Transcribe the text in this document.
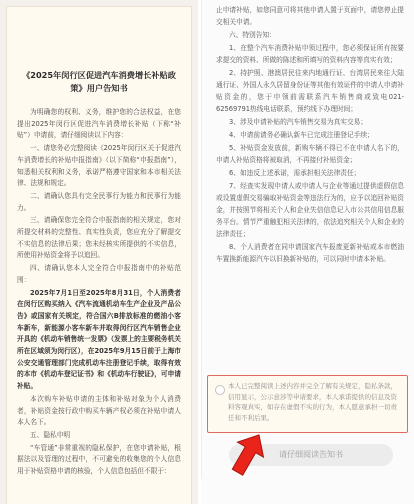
《2025年闵行区促进汽车消费增长补贴政策》用户告知书

为明确您的权利、义务，维护您的合法权益，在您提出2025年闵行区促进汽车消费增长补贴（下称“补贴”）申请前，请仔细阅读以下内容：

一、请您务必完整阅读《2025年闵行区关于促进汽车消费增长的补贴申报指南》（以下简称“申报指南”），知悉相关权利和义务，承诺严格遵守国家和本市相关法律、法规和规定。

二、请确认您具有完全民事行为能力和民事行为能力。

三、请确保您完全符合申报指南的相关规定，您对所提交材料的完整性、真实性负责，您应充分了解提交不实信息的法律后果；您未经核实所提供的不实信息，所使用补贴资金将予以追回。

四、请确认您本人完全符合申报指南中的补贴范围：

2025年7月1日至2025年8月31日，个人消费者在闵行区购买纳入《汽车流通机动车生产企业及产品公告》或国家有关规定，符合国六B排放标准的燃油小客车新车，新能源小客车新车并取得闵行区汽车销售企业开具的《机动车销售统一发票》（发票上的主要税务机关所在区域须为闵行区），在2025年9月15日前于上海市公安交通管理部门完成机动车注册登记手续，取得有效的本市《机动车登记证书》和《机动车行驶证》，可申请补贴。

本次购车补贴申请的主体和补贴对象为个人消费者，补贴资金按行政中购买车辆产权必须在补贴申请人本人名下。

五、隐私申明

“车管通”非常重视的隐私保护，在您申请补贴，根据法以及管理的过程中，不可避免的收集您的个人信息用于补贴资格申请的核验，个人信息包括但不限于：

止申请补贴，如您同意可将其他申请人置于页面中，请您停止提交相关申请。

六、特别告知：

1、在整个汽车消费补贴申领过程中，您必须保证所有按要求提交的资料、所做的陈述和所填写的资料内容等真实有效；

2、持护照、港澳居民往来内地通行证、台湾居民来往大陆通行证、外国人永久居留身份证等其他有效证件的申请人申请补贴资金的，您于申领前需联系汽车销售商或致电021-62569791热线电话联系，预约线下办理时间；

3、涉及申请补贴的汽车销售交易为真实交易；

4、申请前请务必确认新车已完成注册登记手续；

5、补贴资金发放前，新购车辆不得已不在申请人名下的，申请人补贴资格将被取消，不再接付补贴资金；

6、如违反上述承诺，需承担相关法律责任；

7、经查实发现申请人或申请人与企业等通过提供虚假信息或设置虚假交易骗取补贴资金等违法行为的，应予以追回补贴资金，并按照节将相关个人和企业失信信息记入市公共信用信息服务平台。情节严重触犯相关法律的，依法追究相关个人和企业的法律责任；

8、个人消费者在同申请国家汽车报废更新补贴或本市燃油车置换新能源汽车以旧换新补贴的，可以同时申请本补贴。

本人已完整阅读上述内容并完全了解有关规定，隐私条款，信用显示，公示意涉等申请要求，本人承诺提供的信息及资料客观真实，如存在虚假不实的行为，本人愿意承担一切责任和不利后果。
请仔细阅读告知书
